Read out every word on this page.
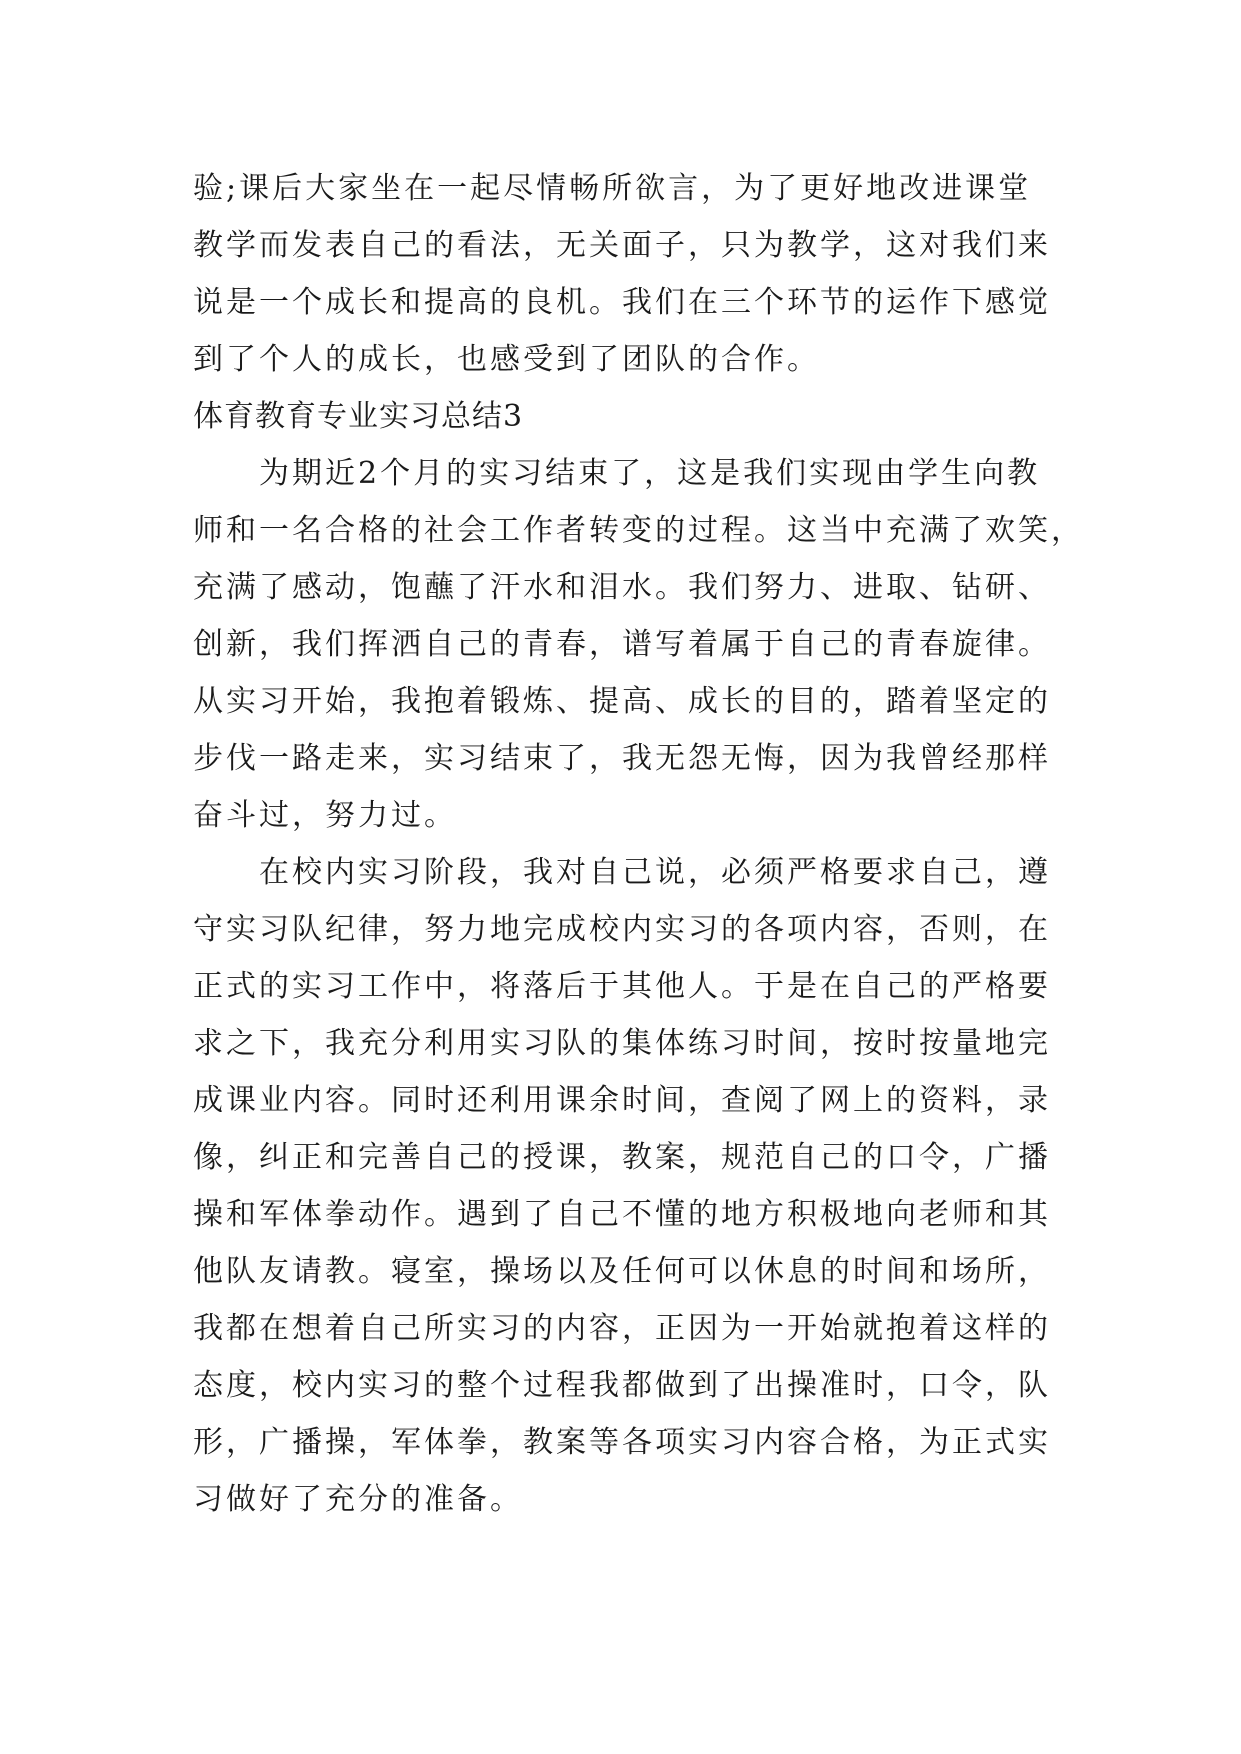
验;课后大家坐在一起尽情畅所欲言，为了更好地改进课堂
教学而发表自己的看法，无关面子，只为教学，这对我们来
说是一个成长和提高的良机。我们在三个环节的运作下感觉
到了个人的成长，也感受到了团队的合作。
体育教育专业实习总结3
　　为期近2个月的实习结束了，这是我们实现由学生向教
师和一名合格的社会工作者转变的过程。这当中充满了欢笑，
充满了感动，饱蘸了汗水和泪水。我们努力、进取、钻研、
创新，我们挥洒自己的青春，谱写着属于自己的青春旋律。
从实习开始，我抱着锻炼、提高、成长的目的，踏着坚定的
步伐一路走来，实习结束了，我无怨无悔，因为我曾经那样
奋斗过，努力过。
　　在校内实习阶段，我对自己说，必须严格要求自己，遵
守实习队纪律，努力地完成校内实习的各项内容，否则，在
正式的实习工作中，将落后于其他人。于是在自己的严格要
求之下，我充分利用实习队的集体练习时间，按时按量地完
成课业内容。同时还利用课余时间，查阅了网上的资料，录
像，纠正和完善自己的授课，教案，规范自己的口令，广播
操和军体拳动作。遇到了自己不懂的地方积极地向老师和其
他队友请教。寝室，操场以及任何可以休息的时间和场所，
我都在想着自己所实习的内容，正因为一开始就抱着这样的
态度，校内实习的整个过程我都做到了出操准时，口令，队
形，广播操，军体拳，教案等各项实习内容合格，为正式实
习做好了充分的准备。
